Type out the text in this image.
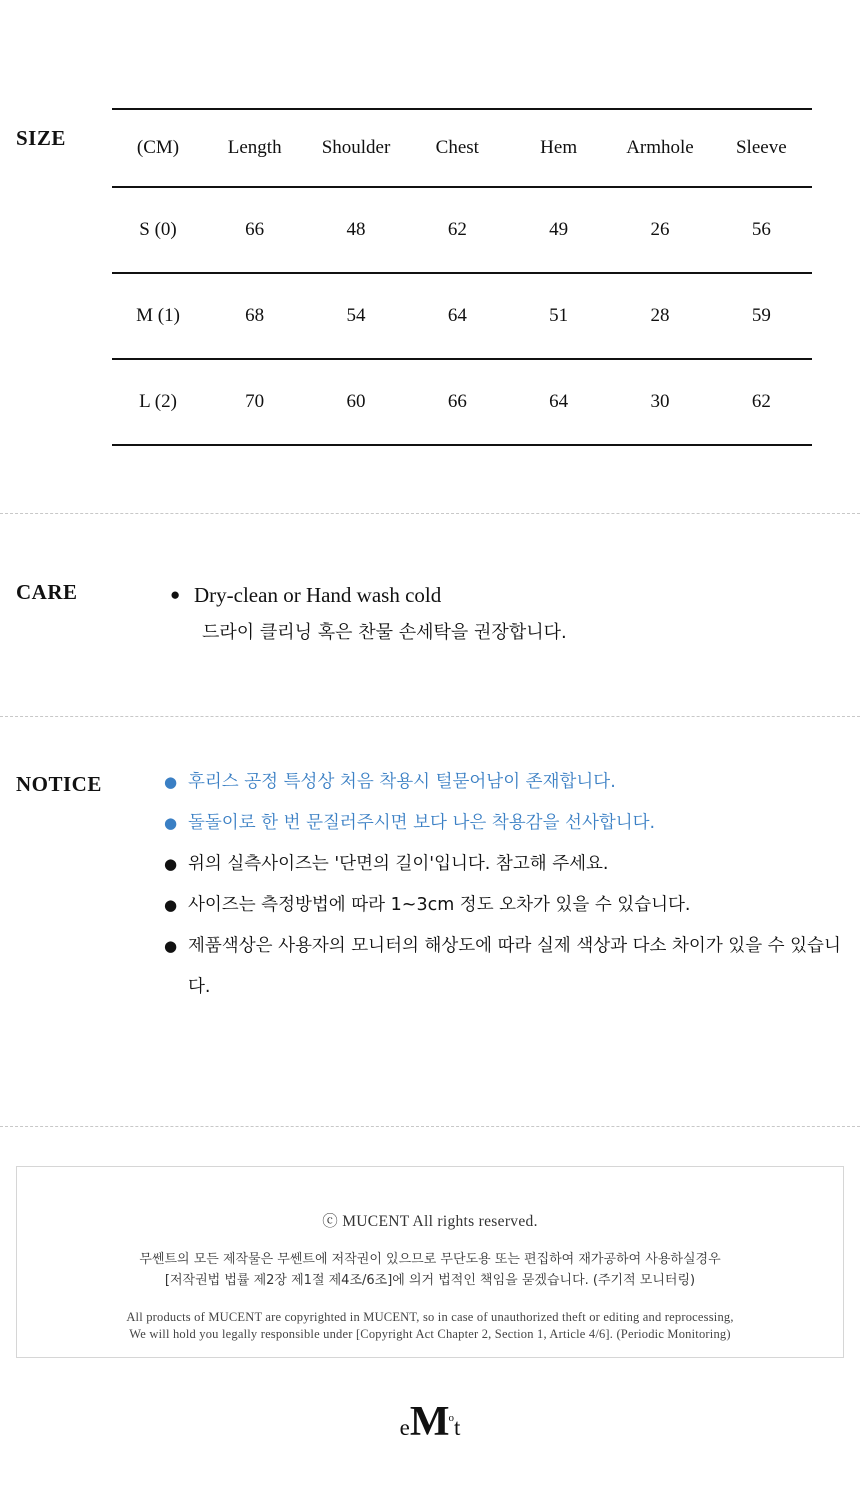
SIZE	(CM)	Length	Shoulder	Chest	Hem	Armhole	Sleeve
S (0)	66	48	62	49	26	56
M (1)	68	54	64	51	28	59
L (2)	70	60	66	64	30	62
CARE	● Dry-clean or Hand wash cold
드라이 클리닝 혹은 찬물 손세탁을 권장합니다.
NOTICE	● 후리스 공정 특성상 처음 착용시 털묻어남이 존재합니다.
● 돌돌이로 한 번 문질러주시면 보다 나은 착용감을 선사합니다.
● 위의 실측사이즈는 '단면의 길이'입니다. 참고해 주세요.
● 사이즈는 측정방법에 따라 1~3cm 정도 오차가 있을 수 있습니다.
● 제품색상은 사용자의 모니터의 해상도에 따라 실제 색상과 다소 차이가 있을 수 있습니다.
ⓒ MUCENT All rights reserved.
무쎈트의 모든 제작물은 무쎈트에 저작권이 있으므로 무단도용 또는 편집하여 재가공하여 사용하실경우
[저작권법 법률 제2장 제1절 제4조/6조]에 의거 법적인 책임을 묻겠습니다. (주기적 모니터링)
All products of MUCENT are copyrighted in MUCENT, so in case of unauthorized theft or editing and reprocessing,
We will hold you legally responsible under [Copyright Act Chapter 2, Section 1, Article 4/6]. (Periodic Monitoring)
$eM^ot$
